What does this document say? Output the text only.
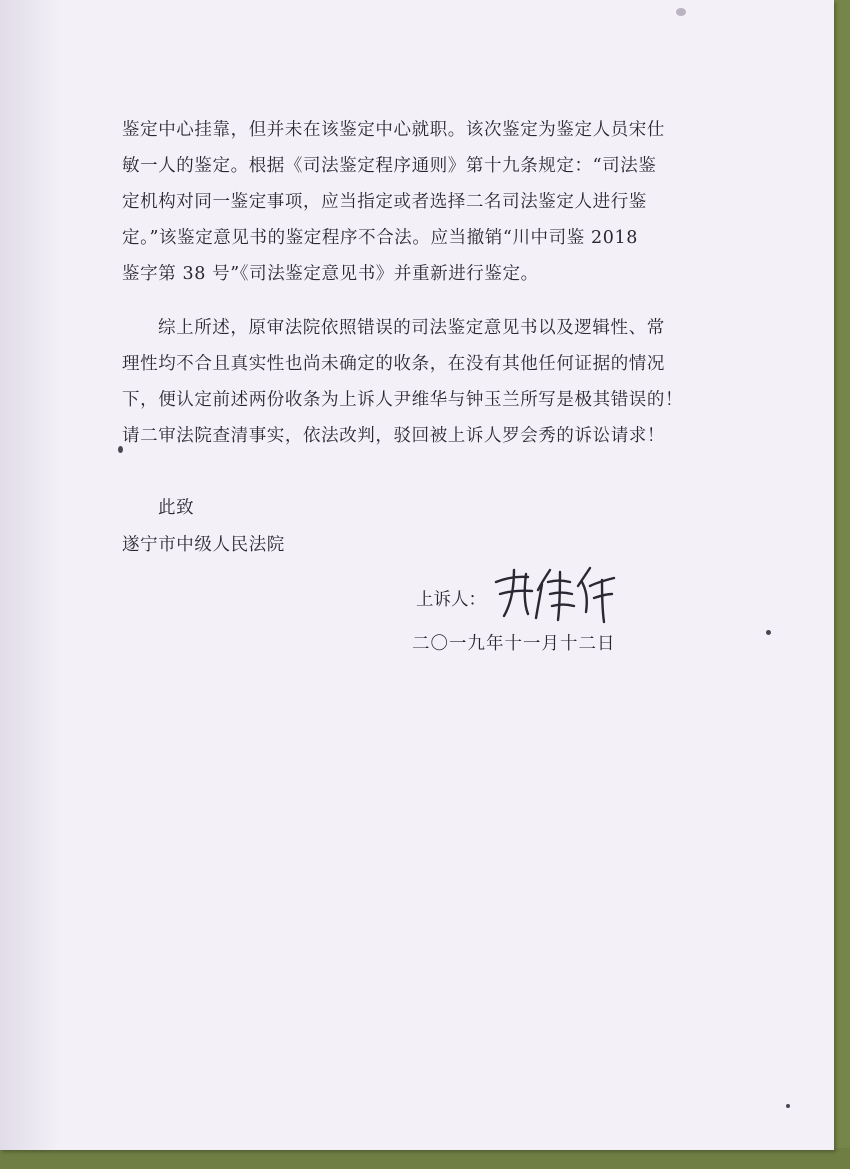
鉴定中心挂靠，但并未在该鉴定中心就职。该次鉴定为鉴定人员宋仕
敏一人的鉴定。根据《司法鉴定程序通则》第十九条规定：“司法鉴
定机构对同一鉴定事项，应当指定或者选择二名司法鉴定人进行鉴
定。”该鉴定意见书的鉴定程序不合法。应当撤销“川中司鉴 2018
鉴字第 38 号”《司法鉴定意见书》并重新进行鉴定。
综上所述，原审法院依照错误的司法鉴定意见书以及逻辑性、常
理性均不合且真实性也尚未确定的收条，在没有其他任何证据的情况
下，便认定前述两份收条为上诉人尹维华与钟玉兰所写是极其错误的！
请二审法院查清事实，依法改判，驳回被上诉人罗会秀的诉讼请求！
此致
遂宁市中级人民法院
上诉人：
二〇一九年十一月十二日
